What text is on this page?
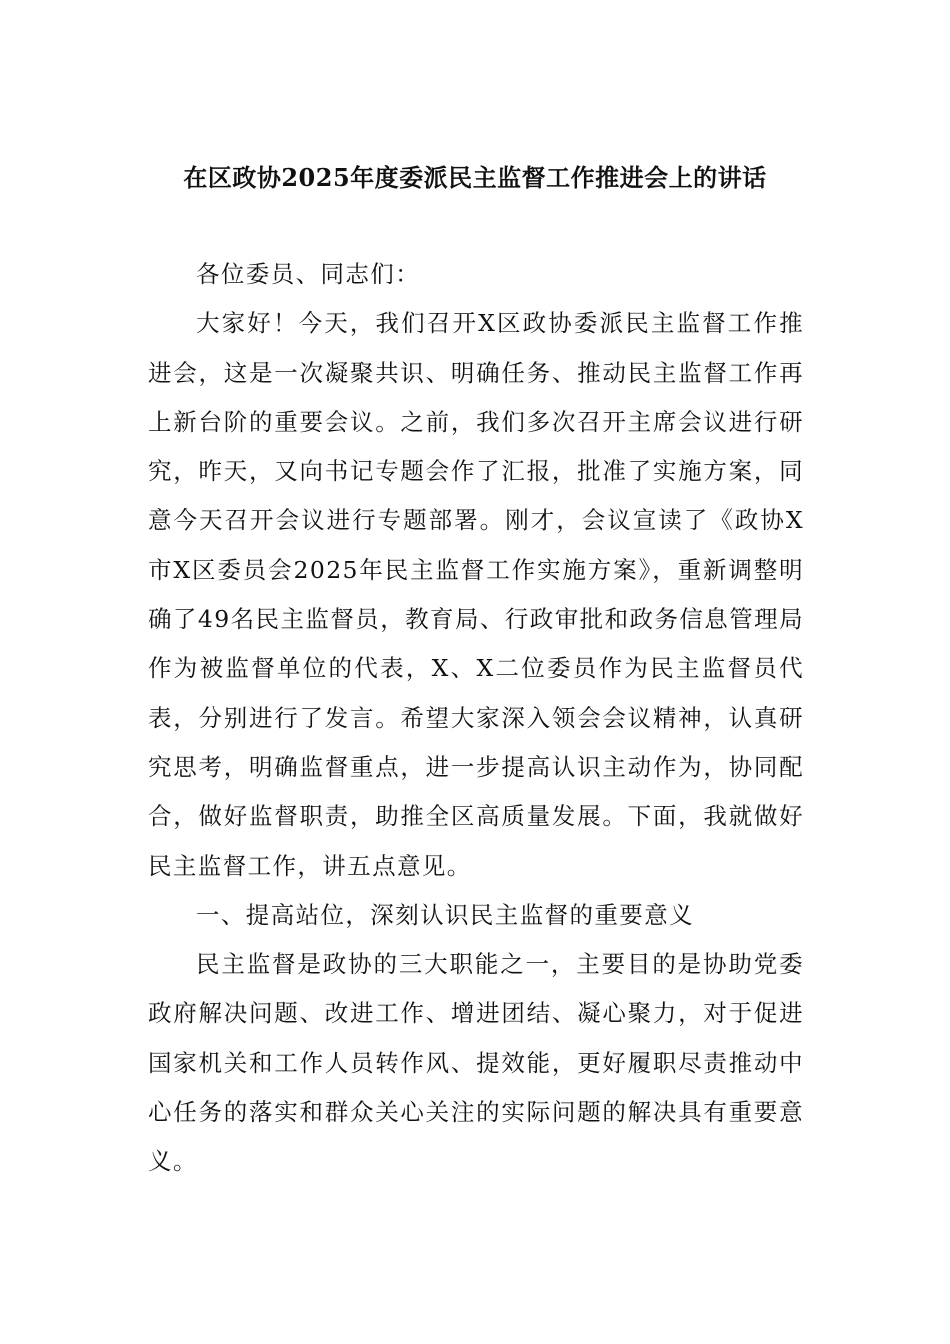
在区政协2025年度委派民主监督工作推进会上的讲话

各位委员、同志们：

大家好！今天，我们召开X区政协委派民主监督工作推进会，这是一次凝聚共识、明确任务、推动民主监督工作再上新台阶的重要会议。之前，我们多次召开主席会议进行研究，昨天，又向书记专题会作了汇报，批准了实施方案，同意今天召开会议进行专题部署。刚才，会议宣读了《政协X市X区委员会2025年民主监督工作实施方案》，重新调整明确了49名民主监督员，教育局、行政审批和政务信息管理局作为被监督单位的代表，X、X二位委员作为民主监督员代表，分别进行了发言。希望大家深入领会会议精神，认真研究思考，明确监督重点，进一步提高认识主动作为，协同配合，做好监督职责，助推全区高质量发展。下面，我就做好民主监督工作，讲五点意见。

一、提高站位，深刻认识民主监督的重要意义

民主监督是政协的三大职能之一，主要目的是协助党委政府解决问题、改进工作、增进团结、凝心聚力，对于促进国家机关和工作人员转作风、提效能，更好履职尽责推动中心任务的落实和群众关心关注的实际问题的解决具有重要意义。
